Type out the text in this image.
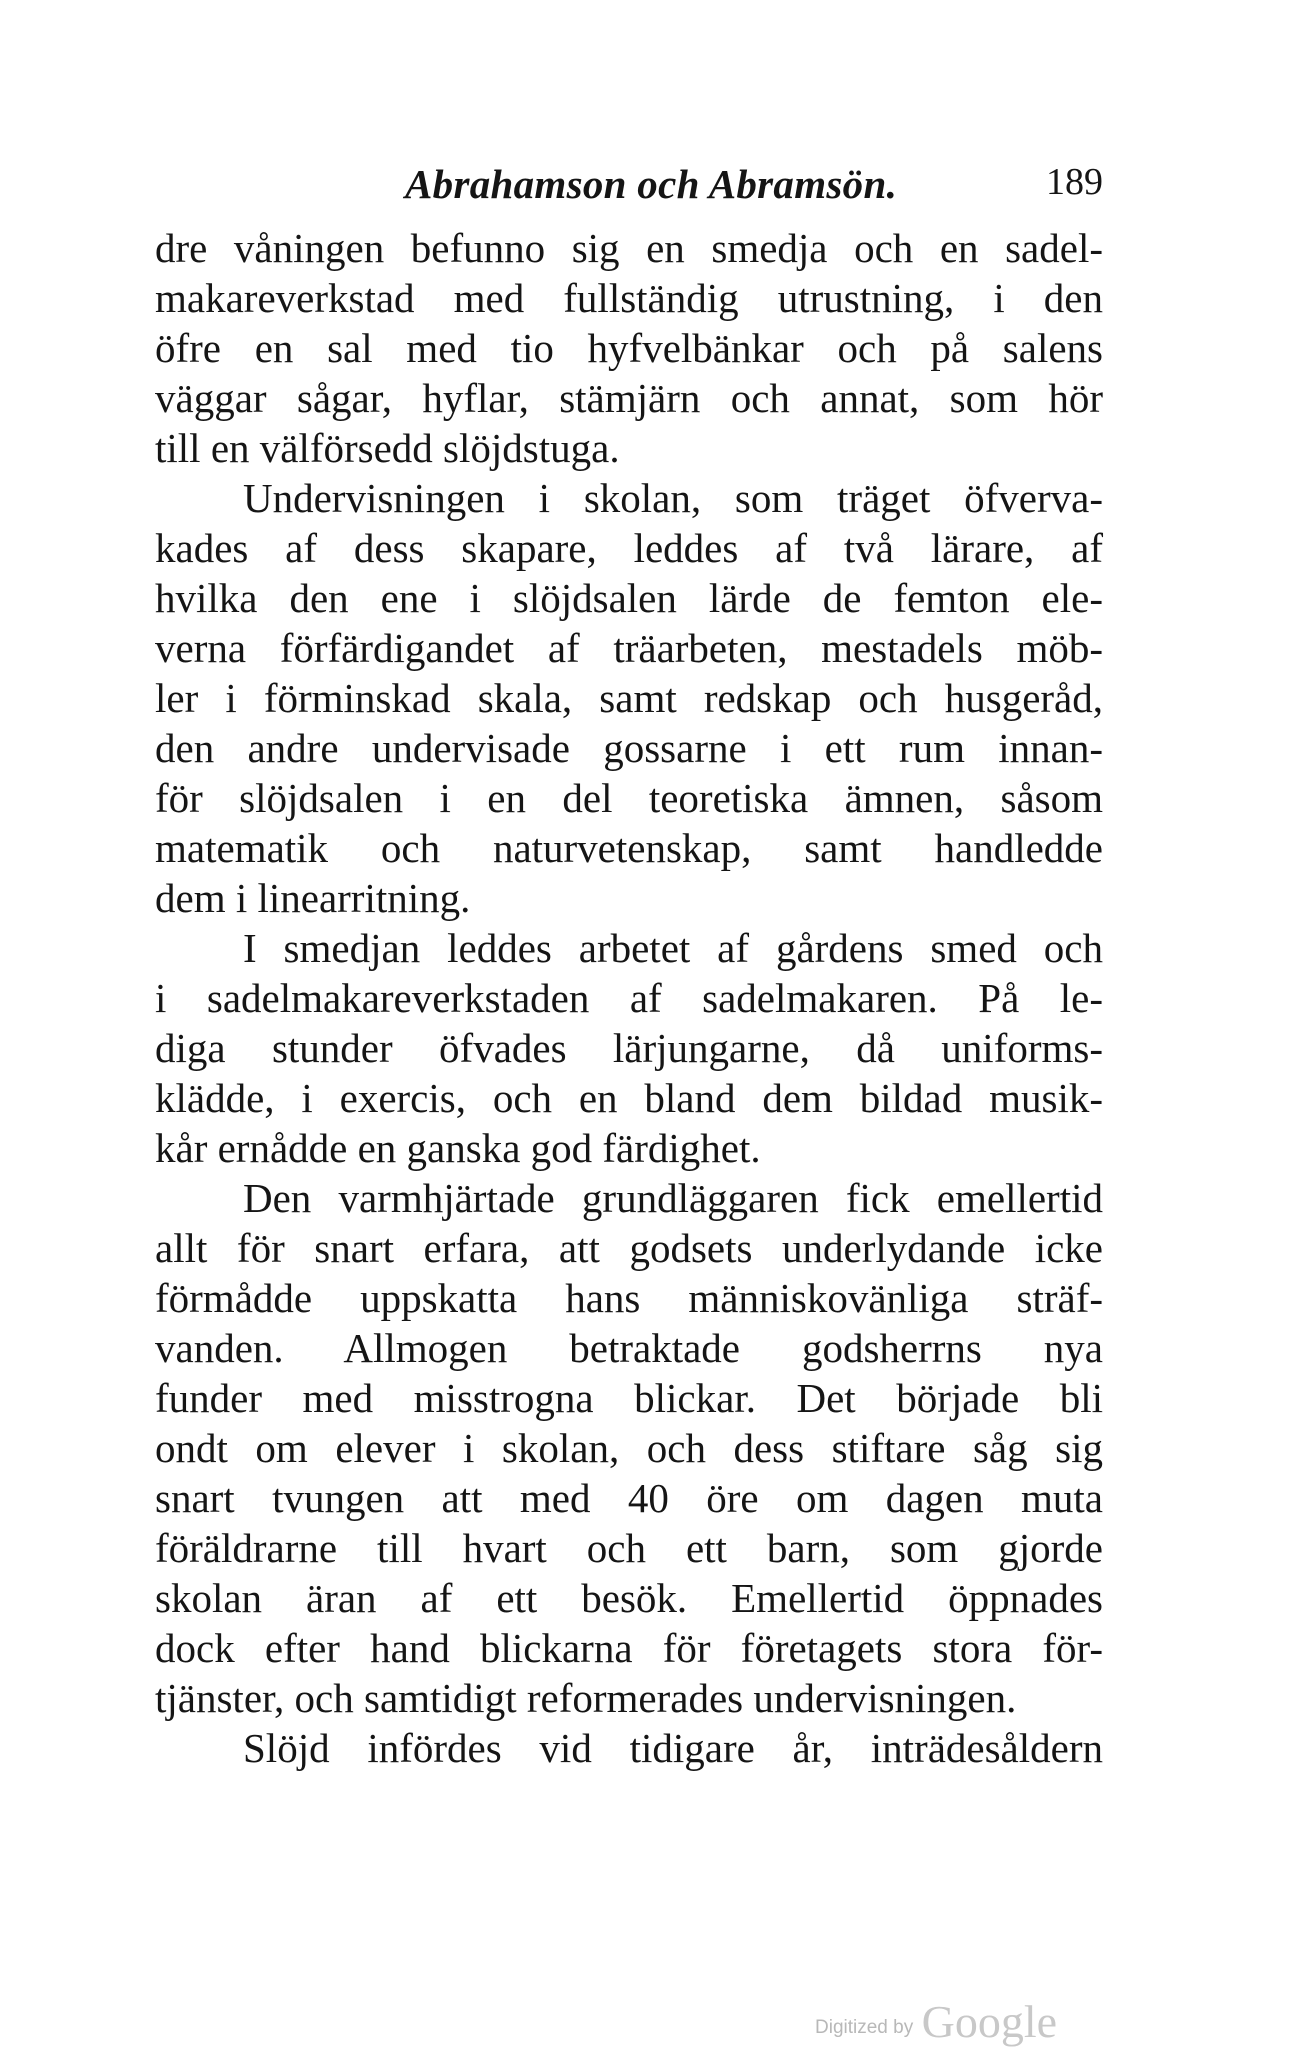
Abrahamson och Abramsön.	189
dre våningen befunno sig en smedja och en sadel-
makareverkstad med fullständig utrustning, i den
öfre en sal med tio hyfvelbänkar och på salens
väggar sågar, hyflar, stämjärn och annat, som hör
till en välförsedd slöjdstuga.
Undervisningen i skolan, som träget öfverva-
kades af dess skapare, leddes af två lärare, af
hvilka den ene i slöjdsalen lärde de femton ele-
verna förfärdigandet af träarbeten, mestadels möb-
ler i förminskad skala, samt redskap och husgeråd,
den andre undervisade gossarne i ett rum innan-
för slöjdsalen i en del teoretiska ämnen, såsom
matematik och naturvetenskap, samt handledde
dem i linearritning.
I smedjan leddes arbetet af gårdens smed och
i sadelmakareverkstaden af sadelmakaren. På le-
diga stunder öfvades lärjungarne, då uniforms-
klädde, i exercis, och en bland dem bildad musik-
kår ernådde en ganska god färdighet.
Den varmhjärtade grundläggaren fick emellertid
allt för snart erfara, att godsets underlydande icke
förmådde uppskatta hans människovänliga sträf-
vanden. Allmogen betraktade godsherrns nya
funder med misstrogna blickar. Det började bli
ondt om elever i skolan, och dess stiftare såg sig
snart tvungen att med 40 öre om dagen muta
föräldrarne till hvart och ett barn, som gjorde
skolan äran af ett besök. Emellertid öppnades
dock efter hand blickarna för företagets stora för-
tjänster, och samtidigt reformerades undervisningen.
Slöjd infördes vid tidigare år, inträdesåldern
Digitized by Google
